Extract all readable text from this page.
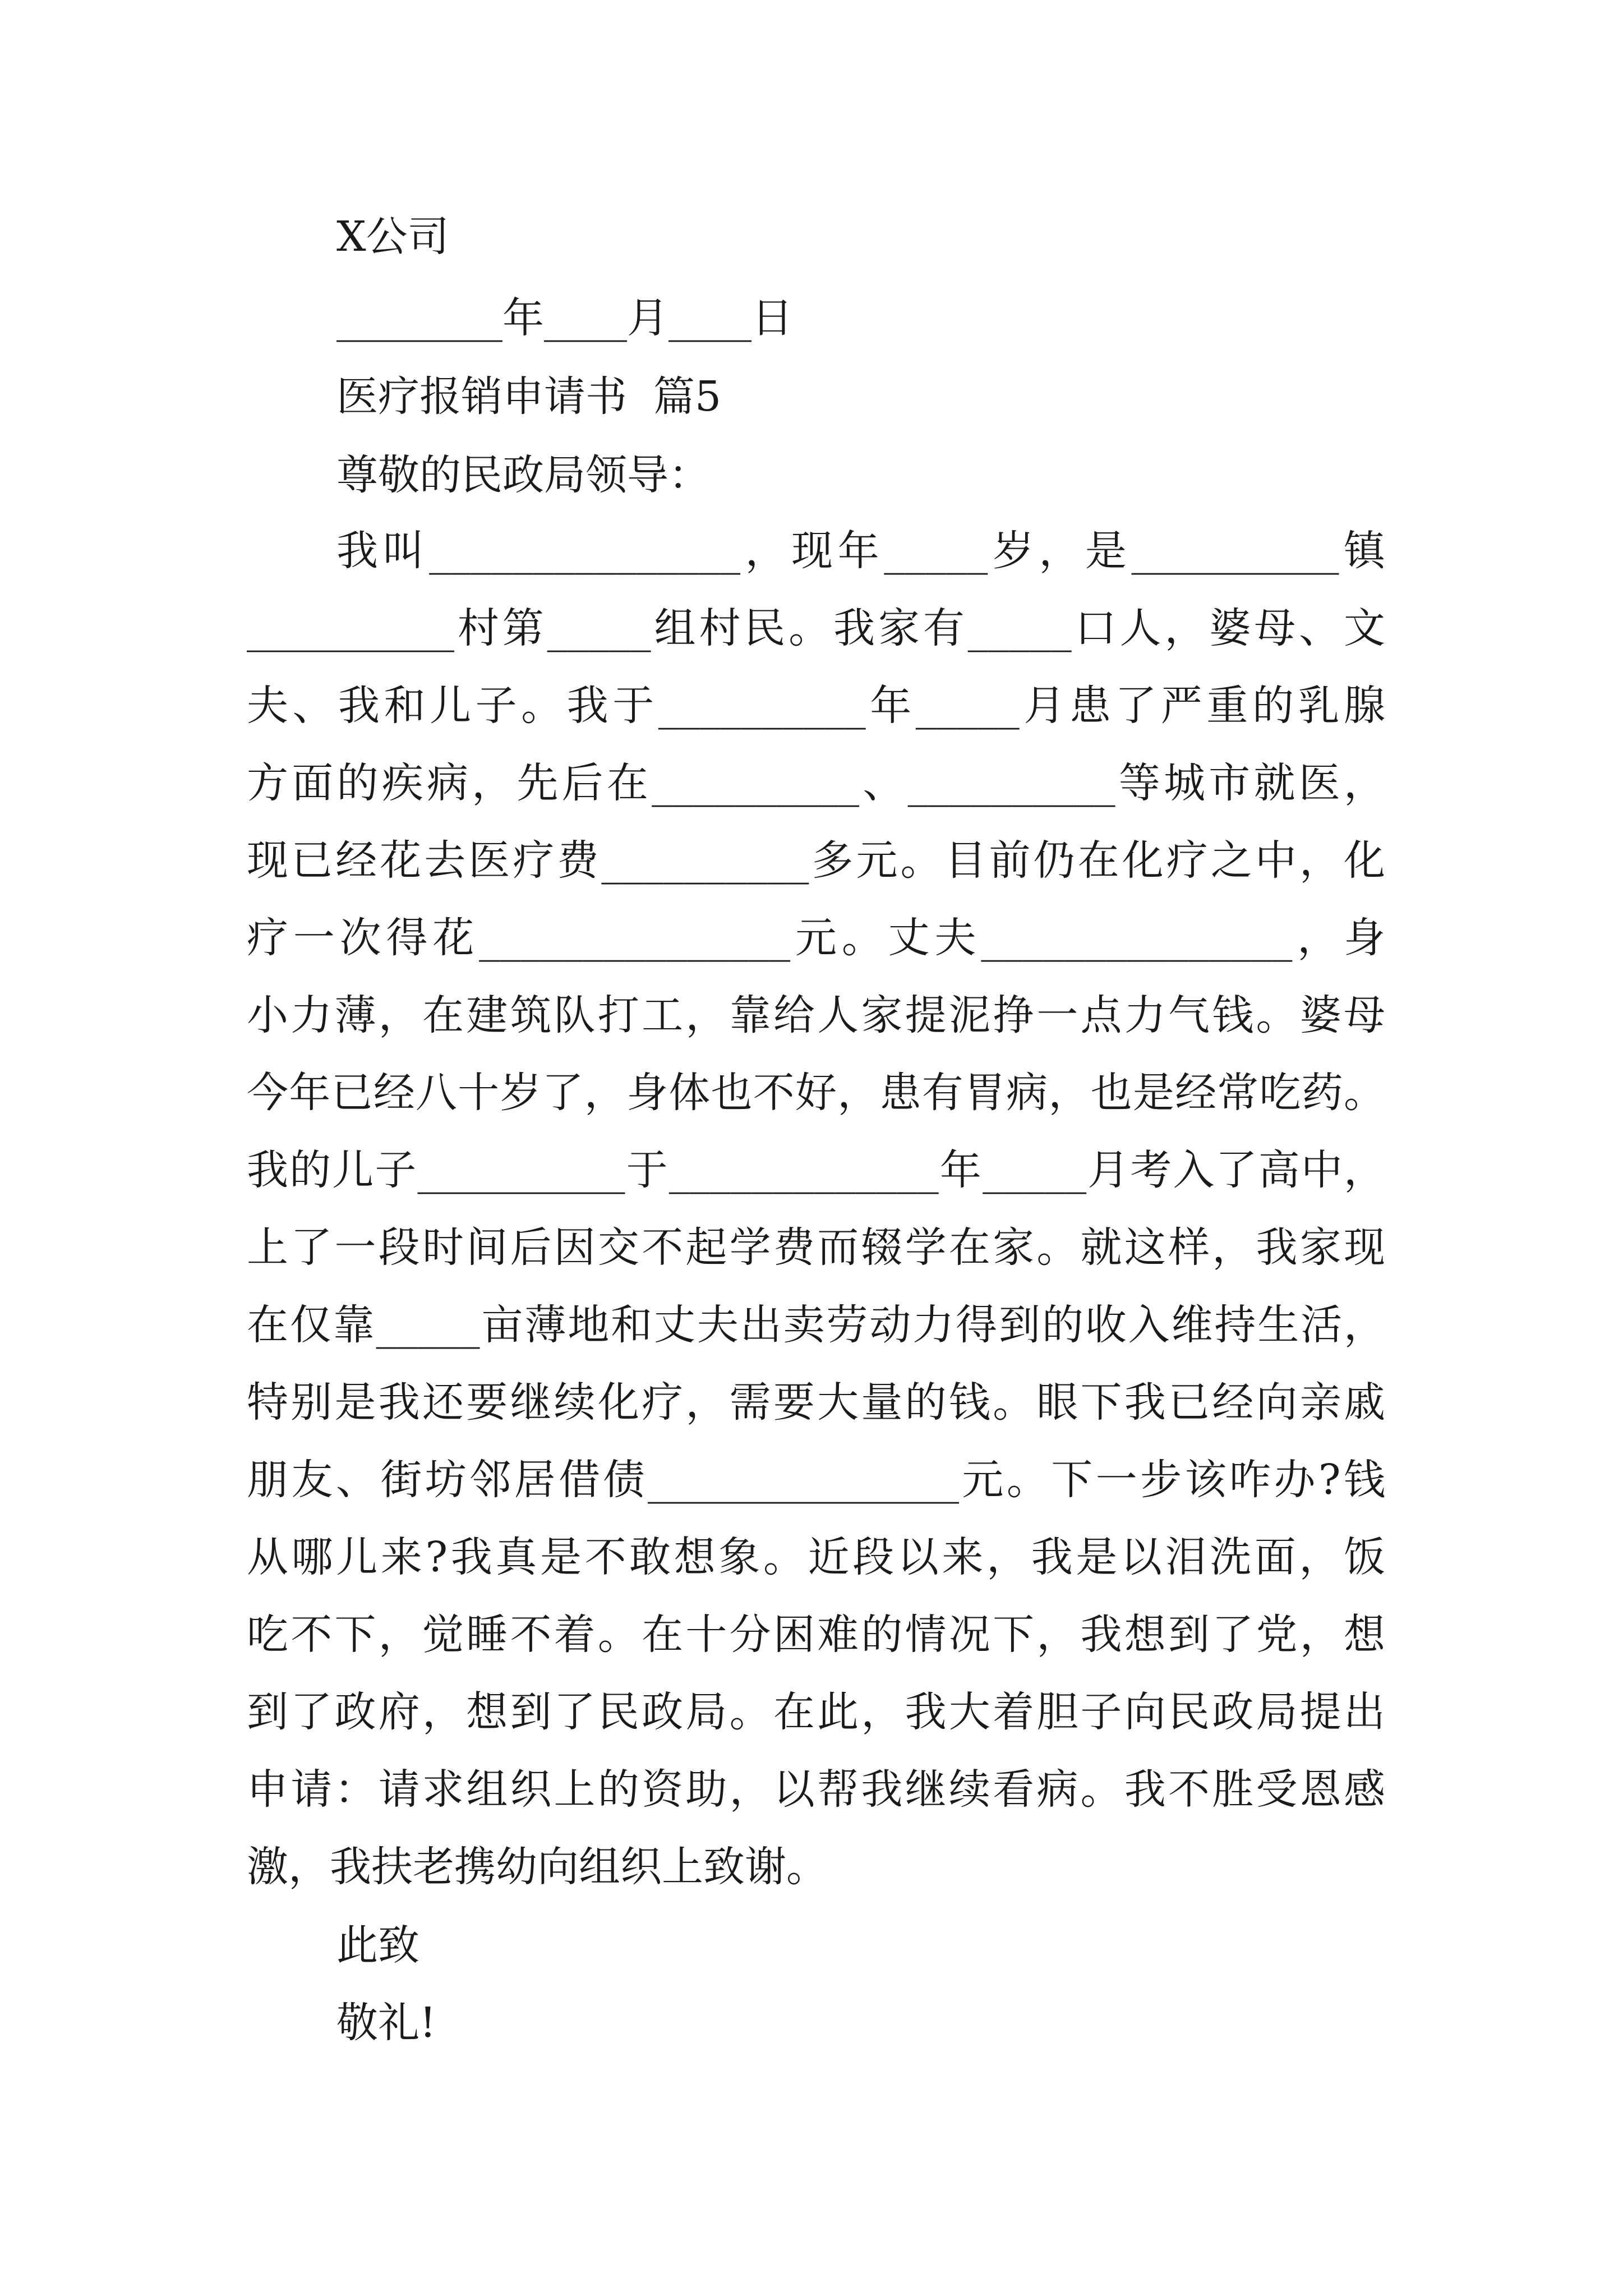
X公司
________年____月____日
医疗报销申请书  篇5
尊敬的民政局领导：
我叫_______________，现年_____岁，是__________镇
__________村第_____组村民。我家有_____口人，婆母、文
夫、我和儿子。我于__________年_____月患了严重的乳腺
方面的疾病，先后在__________、__________等城市就医，
现已经花去医疗费__________多元。目前仍在化疗之中，化
疗一次得花_______________元。丈夫_______________，身
小力薄，在建筑队打工，靠给人家提泥挣一点力气钱。婆母
今年已经八十岁了，身体也不好，患有胃病，也是经常吃药。
我的儿子__________于_____________年_____月考入了高中，
上了一段时间后因交不起学费而辍学在家。就这样，我家现
在仅靠_____亩薄地和丈夫出卖劳动力得到的收入维持生活，
特别是我还要继续化疗，需要大量的钱。眼下我已经向亲戚
朋友、街坊邻居借债_______________元。下一步该咋办?钱
从哪儿来?我真是不敢想象。近段以来，我是以泪洗面，饭
吃不下，觉睡不着。在十分困难的情况下，我想到了党，想
到了政府，想到了民政局。在此，我大着胆子向民政局提出
申请：请求组织上的资助，以帮我继续看病。我不胜受恩感
激，我扶老携幼向组织上致谢。
此致
敬礼!
